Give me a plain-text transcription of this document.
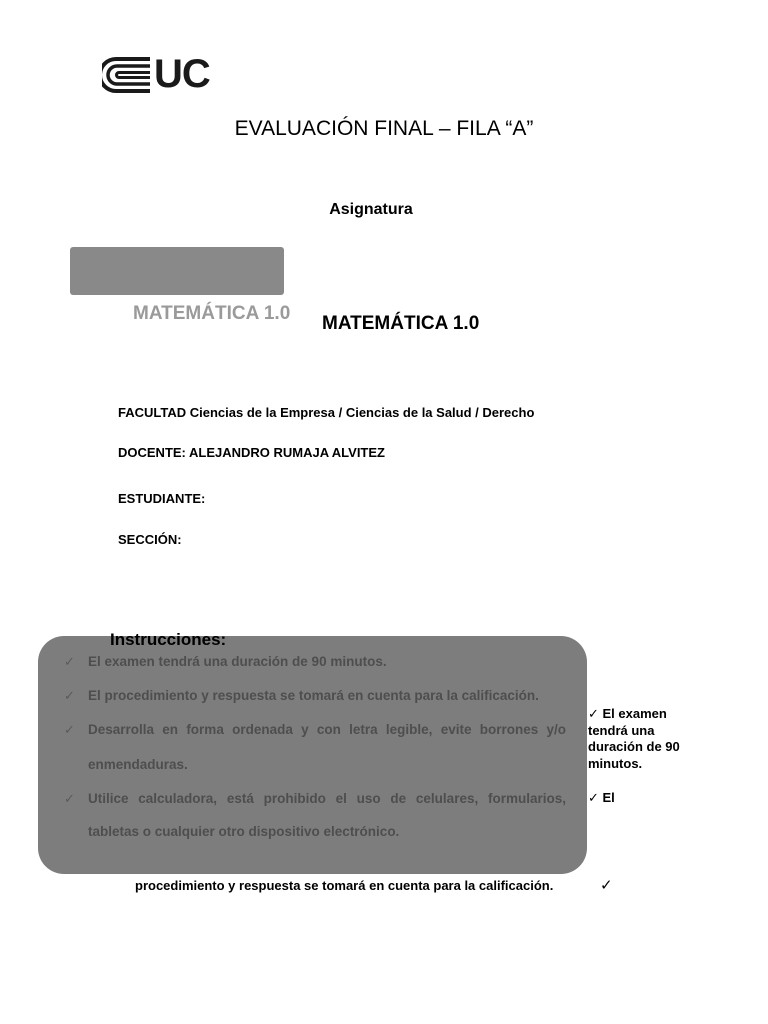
UC
EVALUACIÓN FINAL – FILA “A”
Asignatura
MATEMÁTICA 1.0 MATEMÁTICA 1.0
FACULTAD Ciencias de la Empresa / Ciencias de la Salud / Derecho
DOCENTE: ALEJANDRO RUMAJA ALVITEZ
ESTUDIANTE:
SECCIÓN:
Instrucciones:
✓ El examen tendrá una duración de 90 minutos.
✓ El procedimiento y respuesta se tomará en cuenta para la calificación.
✓ Desarrolla en forma ordenada y con letra legible, evite borrones y/o
enmendaduras.
✓ Utilice calculadora, está prohibido el uso de celulares, formularios,
tabletas o cualquier otro dispositivo electrónico.
✓ El examen tendrá una duración de 90 minutos.
✓ El
procedimiento y respuesta se tomará en cuenta para la calificación.	✓
